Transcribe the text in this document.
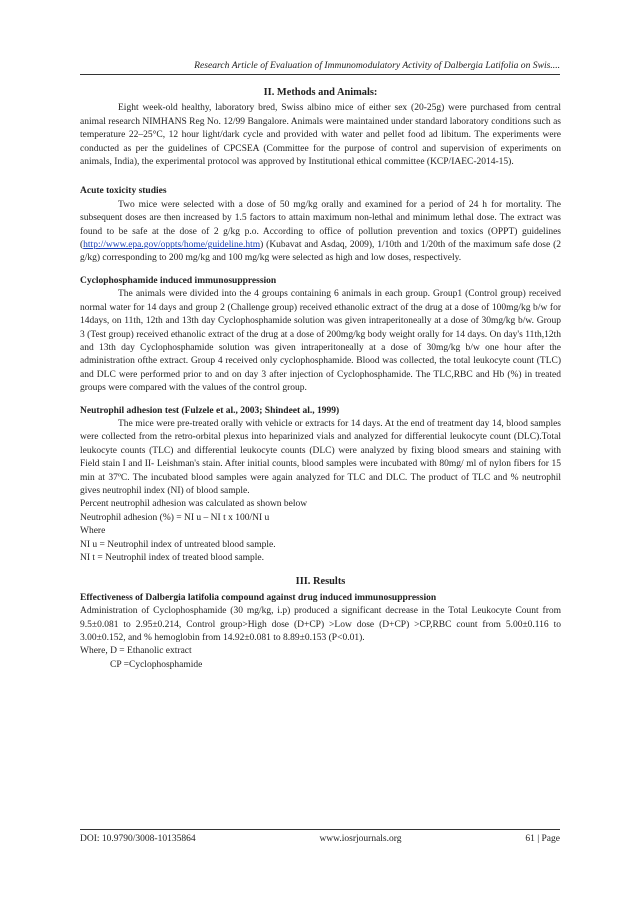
Research Article of Evaluation of Immunomodulatory Activity of Dalbergia Latifolia on Swis....
II. Methods and Animals:

Eight week-old healthy, laboratory bred, Swiss albino mice of either sex (20-25g) were purchased from central animal research NIMHANS Reg No. 12/99 Bangalore. Animals were maintained under standard laboratory conditions such as temperature 22–25°C, 12 hour light/dark cycle and provided with water and pellet food ad libitum. The experiments were conducted as per the guidelines of CPCSEA (Committee for the purpose of control and supervision of experiments on animals, India), the experimental protocol was approved by Institutional ethical committee (KCP/IAEC-2014-15).

Acute toxicity studies

Two mice were selected with a dose of 50 mg/kg orally and examined for a period of 24 h for mortality. The subsequent doses are then increased by 1.5 factors to attain maximum non-lethal and minimum lethal dose. The extract was found to be safe at the dose of 2 g/kg p.o. According to office of pollution prevention and toxics (OPPT) guidelines (http://www.epa.gov/oppts/home/guideline.htm) (Kubavat and Asdaq, 2009), 1/10th and 1/20th of the maximum safe dose (2 g/kg) corresponding to 200 mg/kg and 100 mg/kg were selected as high and low doses, respectively.

Cyclophosphamide induced immunosuppression

The animals were divided into the 4 groups containing 6 animals in each group. Group1 (Control group) received normal water for 14 days and group 2 (Challenge group) received ethanolic extract of the drug at a dose of 100mg/kg b/w for 14days, on 11th, 12th and 13th day Cyclophosphamide solution was given intraperitoneally at a dose of 30mg/kg b/w. Group 3 (Test group) received ethanolic extract of the drug at a dose of 200mg/kg body weight orally for 14 days. On day's 11th,12th and 13th day Cyclophosphamide solution was given intraperitoneally at a dose of 30mg/kg b/w one hour after the administration ofthe extract. Group 4 received only cyclophosphamide. Blood was collected, the total leukocyte count (TLC) and DLC were performed prior to and on day 3 after injection of Cyclophosphamide. The TLC,RBC and Hb (%) in treated groups were compared with the values of the control group.

Neutrophil adhesion test (Fulzele et al., 2003; Shindeet al., 1999)

The mice were pre-treated orally with vehicle or extracts for 14 days. At the end of treatment day 14, blood samples were collected from the retro-orbital plexus into heparinized vials and analyzed for differential leukocyte count (DLC).Total leukocyte counts (TLC) and differential leukocyte counts (DLC) were analyzed by fixing blood smears and staining with Field stain I and II- Leishman's stain. After initial counts, blood samples were incubated with 80mg/ ml of nylon fibers for 15 min at 37ºC. The incubated blood samples were again analyzed for TLC and DLC. The product of TLC and % neutrophil gives neutrophil index (NI) of blood sample.

Percent neutrophil adhesion was calculated as shown below

Neutrophil adhesion (%) = NI u – NI t x 100/NI u

Where

NI u = Neutrophil index of untreated blood sample.

NI t = Neutrophil index of treated blood sample.

III. Results
Effectiveness of Dalbergia latifolia compound against drug induced immunosuppression

Administration of Cyclophosphamide (30 mg/kg, i.p) produced a significant decrease in the Total Leukocyte Count from 9.5±0.081 to 2.95±0.214, Control group>High dose (D+CP) >Low dose (D+CP) >CP,RBC count from 5.00±0.116 to 3.00±0.152, and % hemoglobin from 14.92±0.081 to 8.89±0.153 (P<0.01).

Where, D = Ethanolic extract

CP =Cyclophosphamide

DOI: 10.9790/3008-10135864	www.iosrjournals.org	61 | Page
